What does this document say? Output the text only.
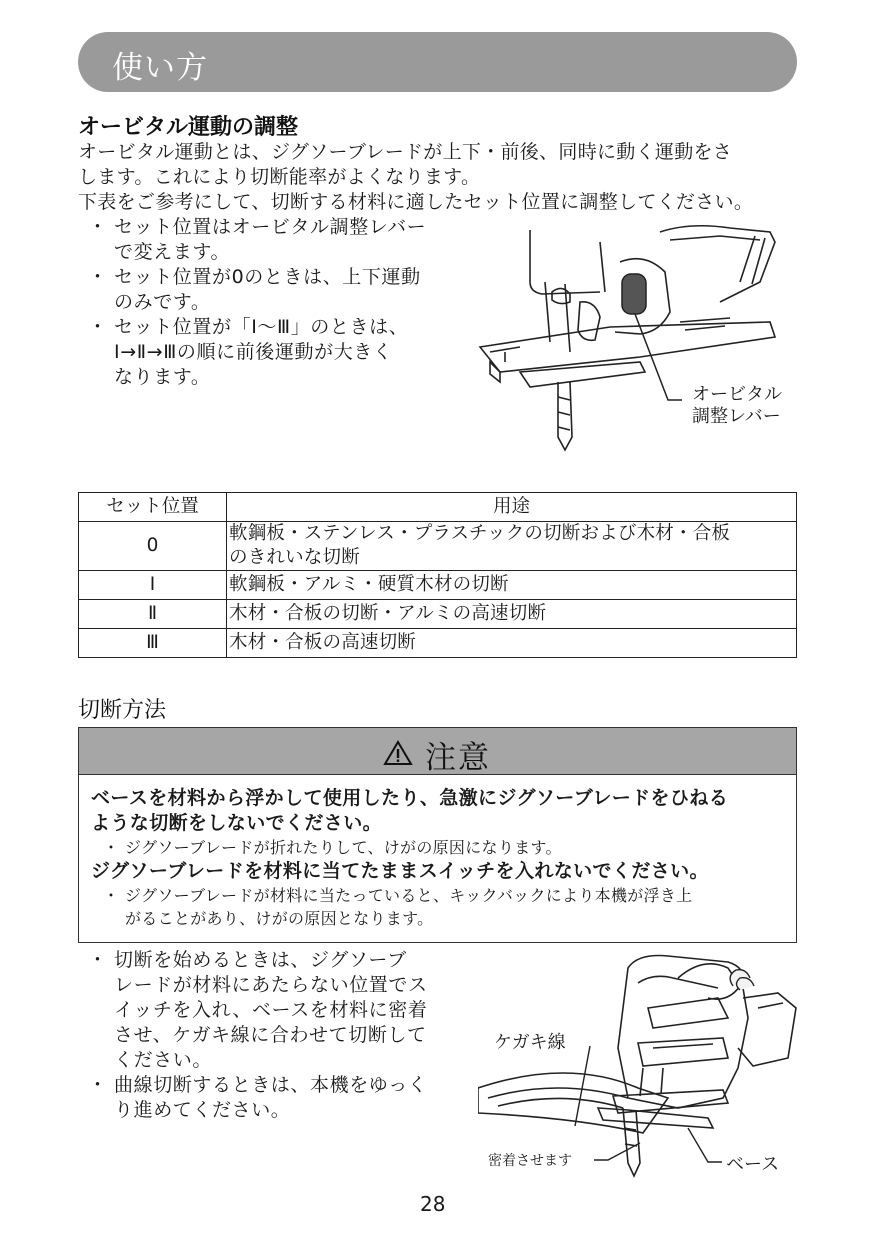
使い方
オービタル運動の調整
オービタル運動とは、ジグソーブレードが上下・前後、同時に動く運動をさ
します。これにより切断能率がよくなります。
下表をご参考にして、切断する材料に適したセット位置に調整してください。
・ セット位置はオービタル調整レバー
で変えます。
・ セット位置が0のときは、上下運動
のみです。
・ セット位置が「Ⅰ～Ⅲ」のときは、
Ⅰ→Ⅱ→Ⅲの順に前後運動が大きく
なります。
オービタル
調整レバー
セット位置	用途
0	軟鋼板・ステンレス・プラスチックの切断および木材・合板
のきれいな切断

Ⅰ	軟鋼板・アルミ・硬質木材の切断
Ⅱ	木材・合板の切断・アルミの高速切断
Ⅲ	木材・合板の高速切断
切断方法
注意
ベースを材料から浮かして使用したり、急激にジグソーブレードをひねる
ような切断をしないでください。
・ ジグソーブレードが折れたりして、けがの原因になります。
ジグソーブレードを材料に当てたままスイッチを入れないでください。
・ ジグソーブレードが材料に当たっていると、キックバックにより本機が浮き上
がることがあり、けがの原因となります。
・ 切断を始めるときは、ジグソーブ
レードが材料にあたらない位置でス
イッチを入れ、ベースを材料に密着
させ、ケガキ線に合わせて切断して
ください。
・ 曲線切断するときは、本機をゆっく
り進めてください。
ケガキ線
密着させます	ベース
28
